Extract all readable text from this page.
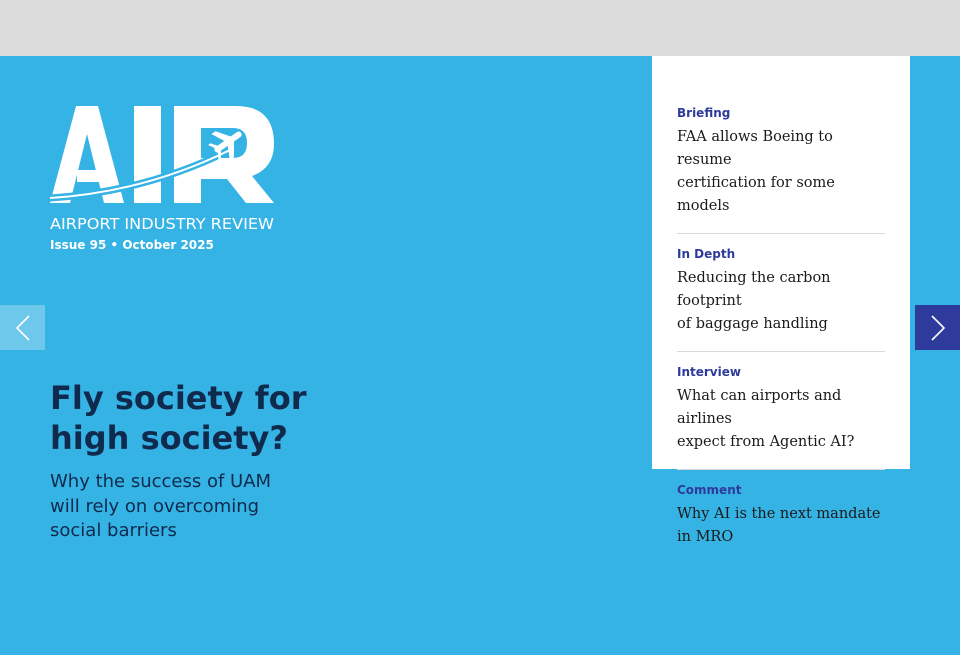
AIRPORT INDUSTRY REVIEW
Issue 95 • October 2025
Fly society for
high society?

Why the success of UAM
will rely on overcoming
social barriers

Briefing
FAA allows Boeing to resume
certification for some models
In Depth
Reducing the carbon footprint
of baggage handling
Interview
What can airports and airlines
expect from Agentic AI?
Comment
Why AI is the next mandate
in MRO
